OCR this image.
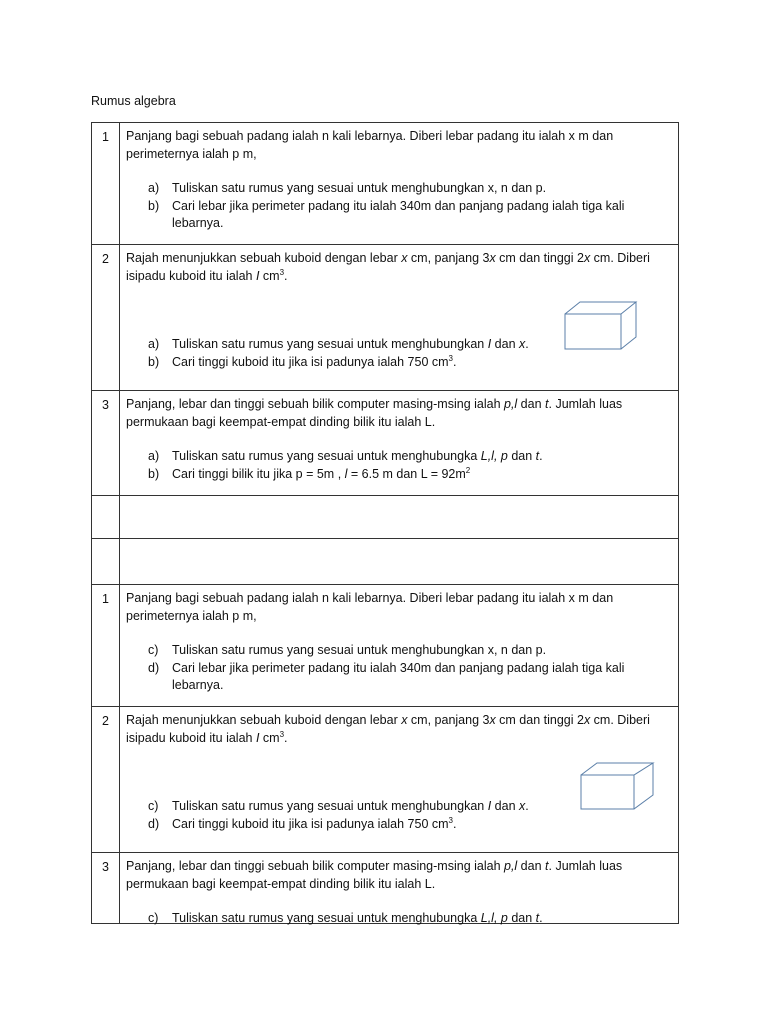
Rumus algebra
1	Panjang bagi sebuah padang ialah n kali lebarnya. Diberi lebar padang itu ialah x m dan

perimeternya ialah p m,

a) Tuliskan satu rumus yang sesuai untuk menghubungkan x, n dan p.
b) Cari lebar jika perimeter padang itu ialah 340m dan panjang padang ialah tiga kali
lebarnya.
2	Rajah menunjukkan sebuah kuboid dengan lebar x cm, panjang 3x cm dan tinggi 2x cm. Diberi

isipadu kuboid itu ialah I $cm^3$.

a) Tuliskan satu rumus yang sesuai untuk menghubungkan I dan x.
b) Cari tinggi kuboid itu jika isi padunya ialah 750 $cm^3$.
3	Panjang, lebar dan tinggi sebuah bilik computer masing-msing ialah p,l dan t. Jumlah luas

permukaan bagi keempat-empat dinding bilik itu ialah L.

a) Tuliskan satu rumus yang sesuai untuk menghubungka L,l, p dan t.
b) Cari tinggi bilik itu jika p = 5m , l = 6.5 m dan $L = 92m^2$
1	Panjang bagi sebuah padang ialah n kali lebarnya. Diberi lebar padang itu ialah x m dan

perimeternya ialah p m,

c) Tuliskan satu rumus yang sesuai untuk menghubungkan x, n dan p.
d) Cari lebar jika perimeter padang itu ialah 340m dan panjang padang ialah tiga kali
lebarnya.
2	Rajah menunjukkan sebuah kuboid dengan lebar x cm, panjang 3x cm dan tinggi 2x cm. Diberi

isipadu kuboid itu ialah I $cm^3$.

c) Tuliskan satu rumus yang sesuai untuk menghubungkan I dan x.
d) Cari tinggi kuboid itu jika isi padunya ialah 750 $cm^3$.
3	Panjang, lebar dan tinggi sebuah bilik computer masing-msing ialah p,l dan t. Jumlah luas

permukaan bagi keempat-empat dinding bilik itu ialah L.

c) Tuliskan satu rumus yang sesuai untuk menghubungka L,l, p dan t.
